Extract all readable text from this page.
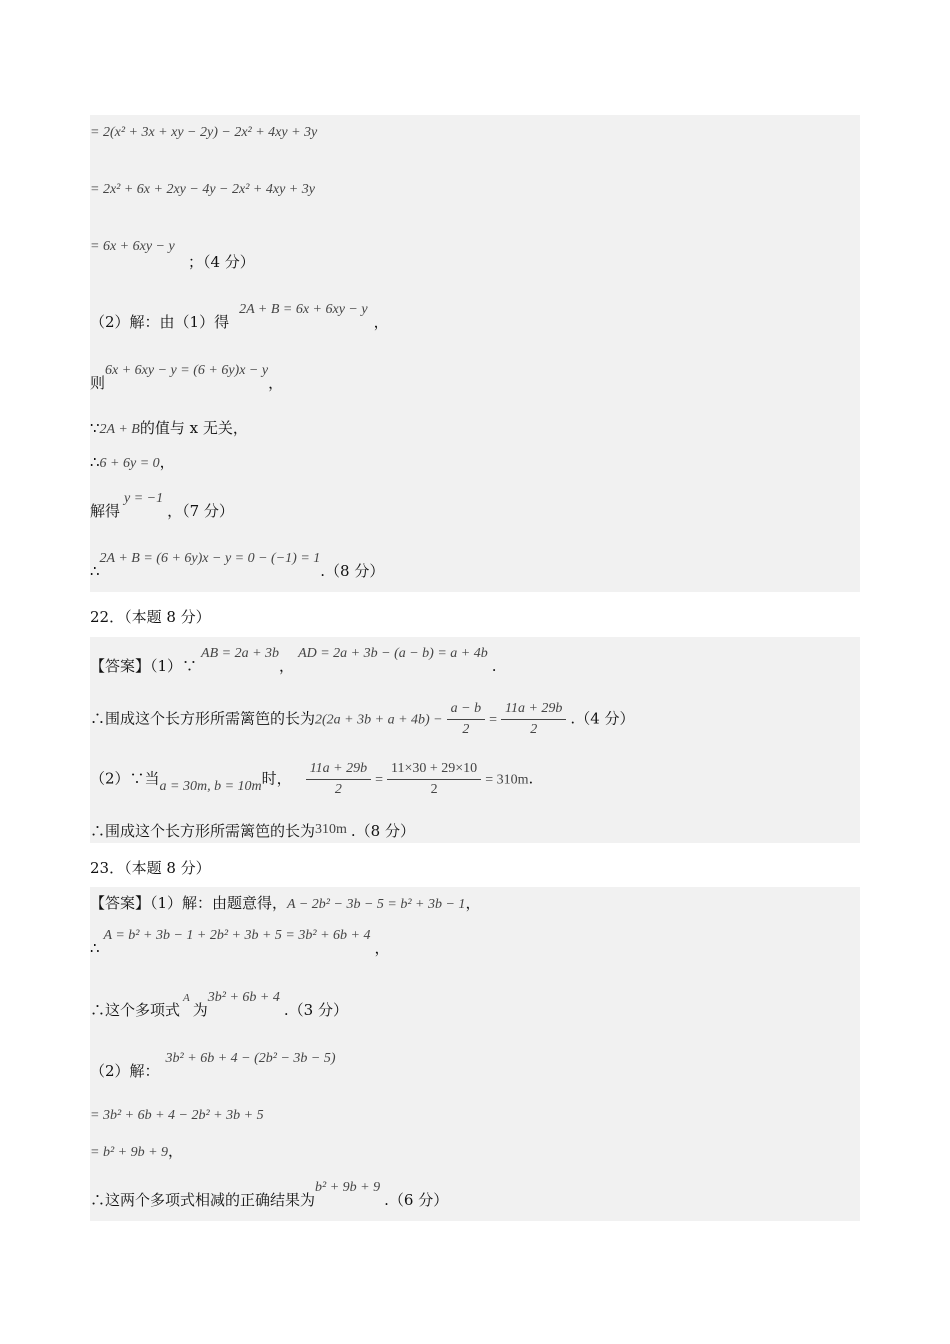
= 2(x² + 3x + xy − 2y) − 2x² + 4xy + 3y
= 2x² + 6x + 2xy − 4y − 2x² + 4xy + 3y
= 6x + 6xy − y
；（4 分）
（2）解：由（1）得2A + B = 6x + 6xy − y，
则6x + 6xy − y = (6 + 6y)x − y，
∵2A + B的值与 x 无关，
∴6 + 6y = 0，
解得y = −1，（7 分）
∴2A + B = (6 + 6y)x − y = 0 − (−1) = 1.（8 分）
22．（本题 8 分）
【答案】（1）∵AB = 2a + 3b，AD = 2a + 3b − (a − b) = a + 4b.
∴围成这个长方形所需篱笆的长为$2(2a + 3b + a + 4b) - \frac{a - b}{2} = \frac{11a + 29b}{2} .(4$ 分）
（2）∵当a = 30m, b = 10m时， $\frac{11a + 29b}{2} = \frac{11\times 30 + 29\times 10}{2} = 310m$.
∴围成这个长方形所需篱笆的长为310m .（8 分）
23．（本题 8 分）
【答案】（1）解：由题意得，A − 2b² − 3b − 5 = b² + 3b − 1，
∴A = b² + 3b − 1 + 2b² + 3b + 5 = 3b² + 6b + 4，
∴这个多项式$^A$为3b² + 6b + 4.（3 分）
（2）解：3b² + 6b + 4 − (2b² − 3b − 5)
= 3b² + 6b + 4 − 2b² + 3b + 5
= b² + 9b + 9，
∴这两个多项式相减的正确结果为b² + 9b + 9.（6 分）
